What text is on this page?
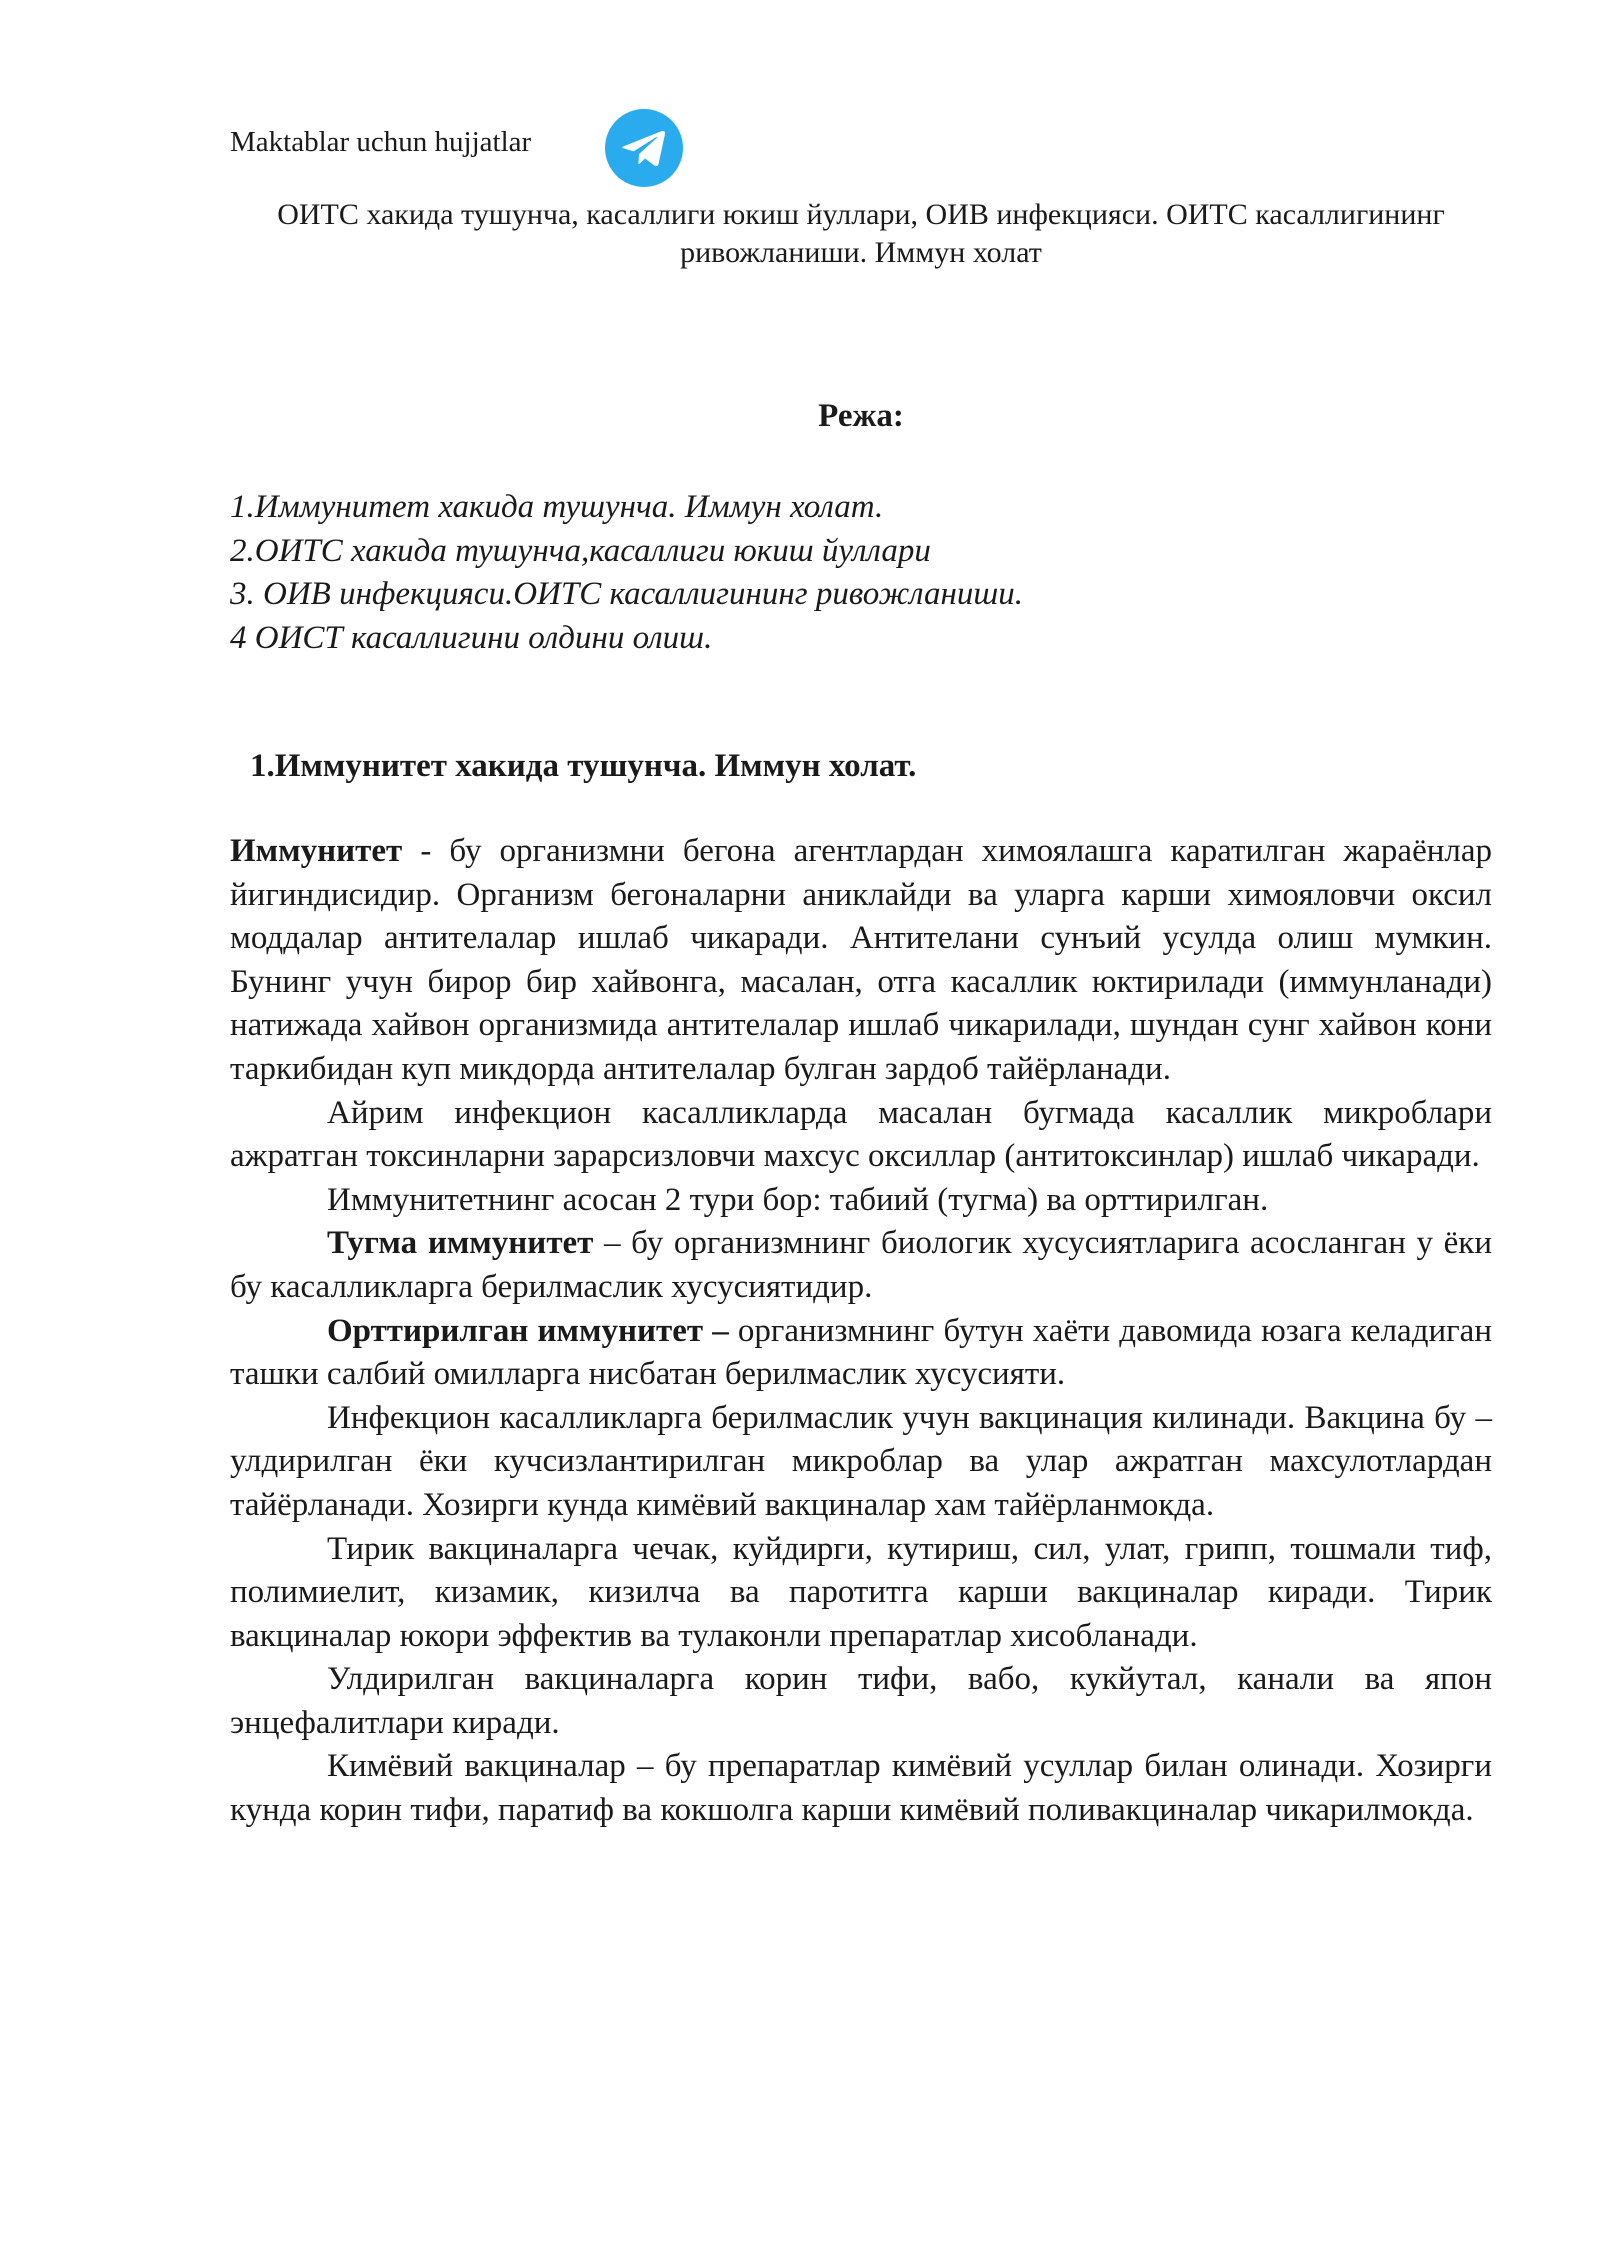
Maktablar uchun hujjatlar
ОИТС хакида тушунча, касаллиги юкиш йуллари, ОИВ инфекцияси. ОИТС касаллигининг ривожланиши. Иммун холат
Режа:
1.Иммунитет хакида тушунча. Иммун холат.
2.ОИТС хакида тушунча,касаллиги юкиш йуллари
3. ОИВ инфекцияси.ОИТС касаллигининг ривожланиши.
4 ОИСТ касаллигини олдини олиш.
1.Иммунитет хакида тушунча. Иммун холат.

Иммунитет - бу организмни бегона агентлардан химоялашга каратилган жараёнлар йигиндисидир. Организм бегоналарни аниклайди ва уларга карши химояловчи оксил моддалар антителалар ишлаб чикаради. Антителани сунъий усулда олиш мумкин. Бунинг учун бирор бир хайвонга, масалан, отга касаллик юктирилади (иммунланади) натижада хайвон организмида антителалар ишлаб чикарилади, шундан сунг хайвон кони таркибидан куп микдорда антителалар булган зардоб тайёрланади.

Айрим инфекцион касалликларда масалан бугмада касаллик микроблари ажратган токсинларни зарарсизловчи махсус оксиллар (антитоксинлар) ишлаб чикаради.

Иммунитетнинг асосан 2 тури бор: табиий (тугма) ва орттирилган.

Тугма иммунитет – бу организмнинг биологик хусусиятларига асосланган у ёки бу касалликларга берилмаслик хусусиятидир.

Орттирилган иммунитет – организмнинг бутун хаёти давомида юзага келадиган ташки салбий омилларга нисбатан берилмаслик хусусияти.

Инфекцион касалликларга берилмаслик учун вакцинация килинади. Вакцина бу – улдирилган ёки кучсизлантирилган микроблар ва улар ажратган махсулотлардан тайёрланади. Хозирги кунда кимёвий вакциналар хам тайёрланмокда.

Тирик вакциналарга чечак, куйдирги, кутириш, сил, улат, грипп, тошмали тиф, полимиелит, кизамик, кизилча ва паротитга карши вакциналар киради. Тирик вакциналар юкори эффектив ва тулаконли препаратлар хисобланади.

Улдирилган вакциналарга корин тифи, вабо, кукйутал, канали ва япон энцефалитлари киради.

Кимёвий вакциналар – бу препаратлар кимёвий усуллар билан олинади. Хозирги кунда корин тифи, паратиф ва кокшолга карши кимёвий поливакциналар чикарилмокда.
